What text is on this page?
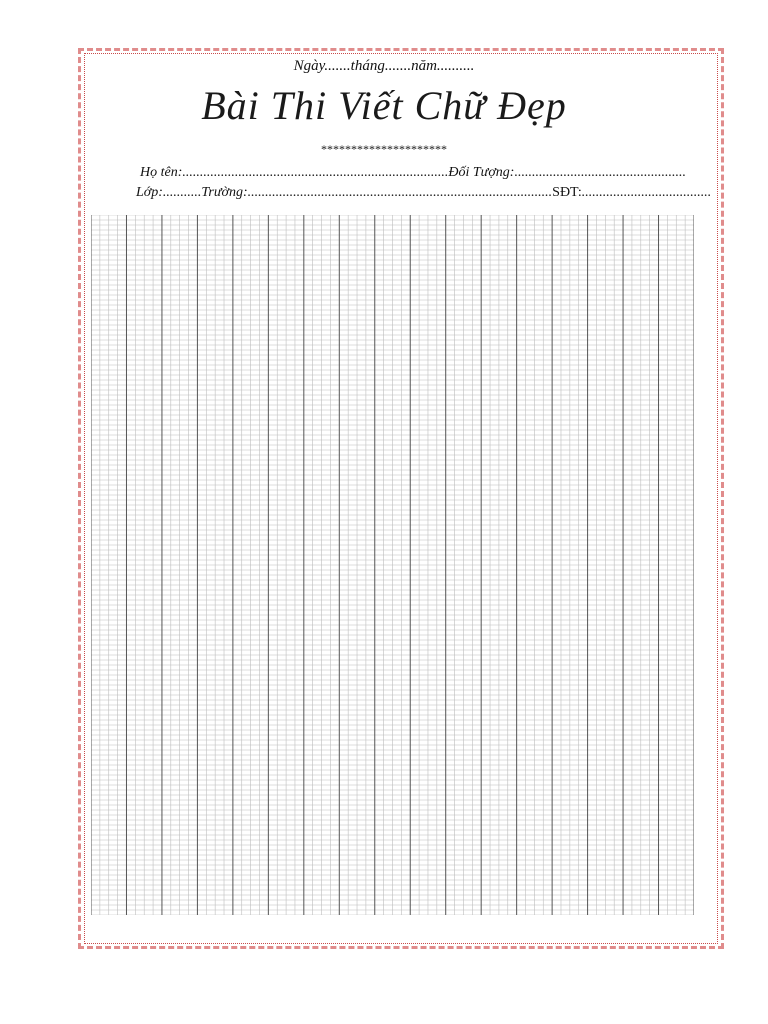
Ngày.......tháng.......năm..........
Bài Thi Viết Chữ Đẹp
*********************
Họ tên:............................................................................Đối Tượng:.................................................
Lớp:...........Trường:.......................................................................................SĐT:.....................................
